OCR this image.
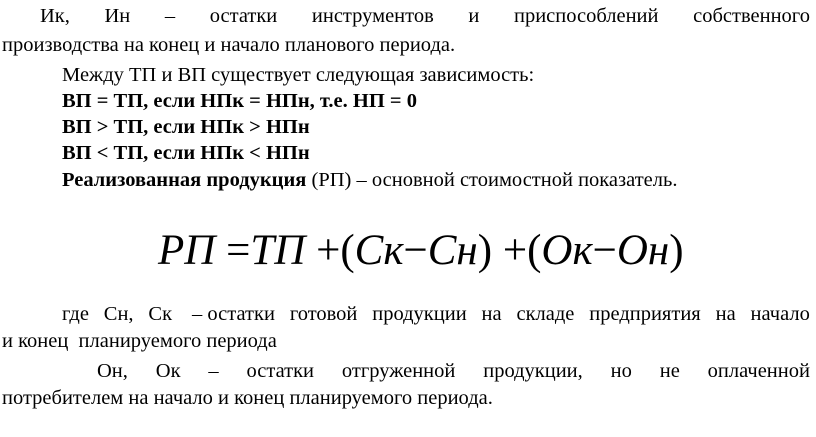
Ик, Ин – остатки инструментов и приспособлений собственного
производства на конец и начало планового периода.
Между ТП и ВП существует следующая зависимость:
ВП = ТП, если НПк = НПн, т.е. НП = 0
ВП > ТП, если НПк > НПн
ВП < ТП, если НПк < НПн
Реализованная продукция (РП) – основной стоимостной показатель.
РП =ТП +(Ск−Сн) +(Ок−Он)
где Сн, Ск – остатки готовой продукции на складе предприятия на начало
и конец  планируемого периода
Он, Ок – остатки отгруженной продукции, но не оплаченной
потребителем на начало и конец планируемого периода.
